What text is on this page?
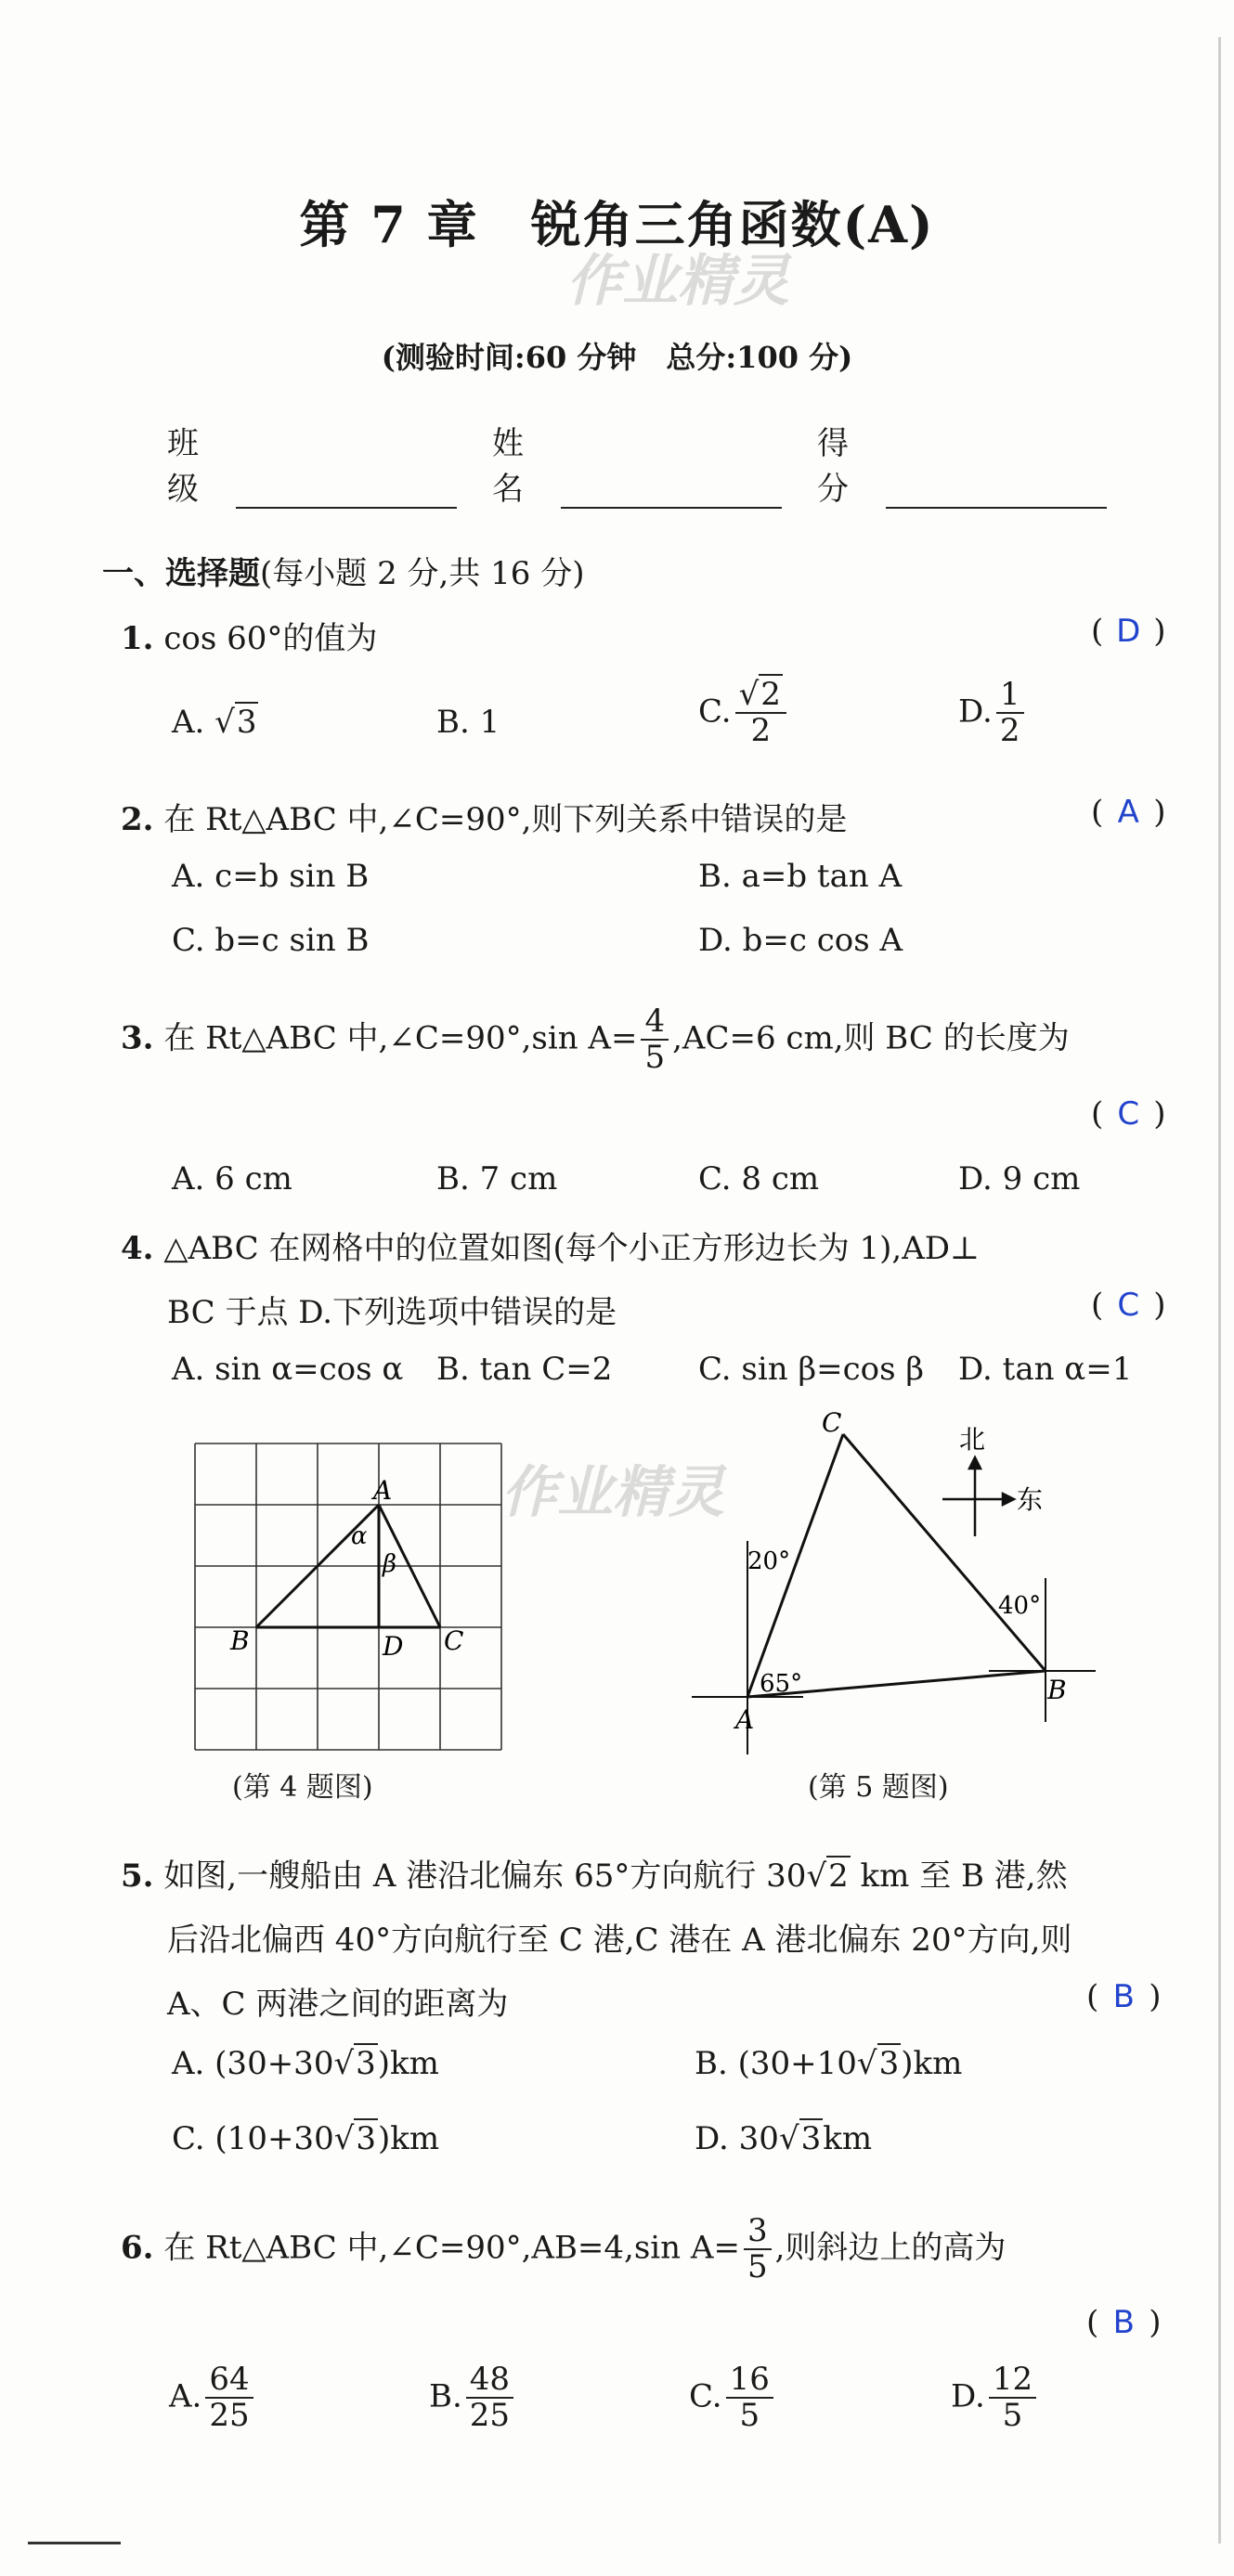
第 7 章　锐角三角函数(A)
作业精灵
(测验时间:60 分钟　总分:100 分)
班级
姓名
得分
一、选择题(每小题 2 分,共 16 分)
1. cos 60°的值为	( D )
A. √3	B. 1	C. $\frac{√2}{2}$	D. $\frac{1}{2}$
2. 在 Rt△ABC 中,∠C=90°,则下列关系中错误的是	( A )
A. c=b sin B	B. a=b tan A
C. b=c sin B	D. b=c cos A
3. 在 Rt△ABC 中,∠C=90°,sin $A= \frac{4}{5} ,AC=6$ cm,则 BC 的长度为
( C )
A. 6 cm	B. 7 cm	C. 8 cm	D. 9 cm
4. △ABC 在网格中的位置如图(每个小正方形边长为 1),AD⊥
BC 于点 D.下列选项中错误的是	( C )
A. sin α=cos α B. tan C=2	C. sin β=cos β D. tan α=1
A
B	D C
α
β
作业精灵
(第 4 题图)
北
东
C
A
B
20°
40°
65°
(第 5 题图)
5. 如图,一艘船由 A 港沿北偏东 65°方向航行 30√2 km 至 B 港,然
后沿北偏西 40°方向航行至 C 港,C 港在 A 港北偏东 20°方向,则
A、C 两港之间的距离为	( B )
A. (30+30√3)km	B. (30+10√3)km
C. (10+30√3)km	D. 30√3km
6. 在 Rt△ABC 中,∠C=90°,AB=4,sin $A= \frac{3}{5}$ ,则斜边上的高为
( B )
A. $\frac{64}{25}$	B. $\frac{48}{25}$	C. $\frac{16}{5}$	D. $\frac{12}{5}$
